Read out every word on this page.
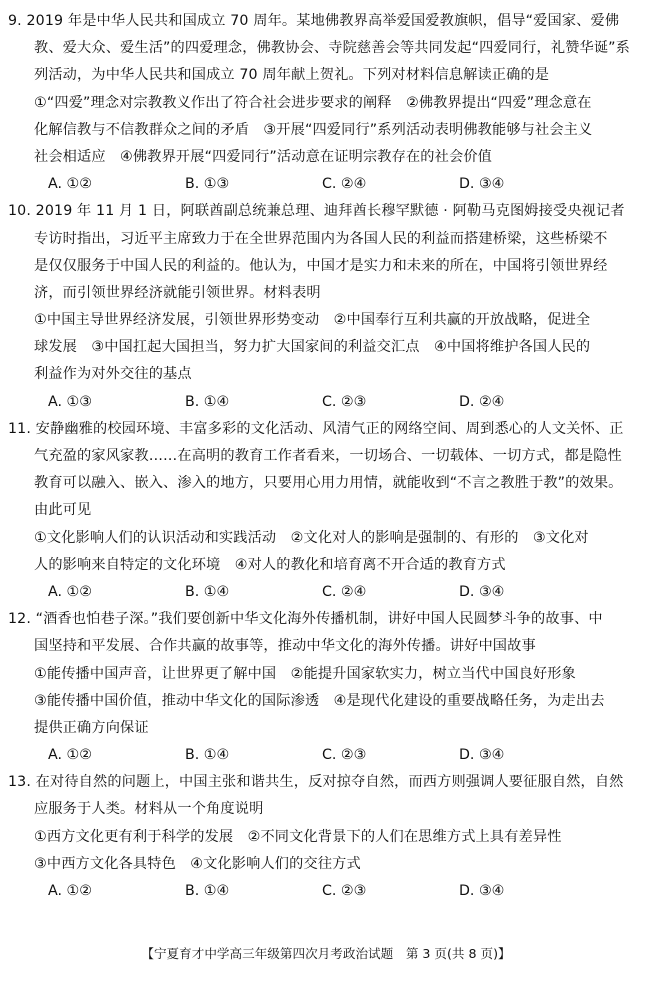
9. 2019 年是中华人民共和国成立 70 周年。某地佛教界高举爱国爱教旗帜，倡导“爱国家、爱佛
教、爱大众、爱生活”的四爱理念，佛教协会、寺院慈善会等共同发起“四爱同行，礼赞华诞”系
列活动，为中华人民共和国成立 70 周年献上贺礼。下列对材料信息解读正确的是
①“四爱”理念对宗教教义作出了符合社会进步要求的阐释　②佛教界提出“四爱”理念意在
化解信教与不信教群众之间的矛盾　③开展“四爱同行”系列活动表明佛教能够与社会主义
社会相适应　④佛教界开展“四爱同行”活动意在证明宗教存在的社会价值
A. ①②	B. ①③	C. ②④	D. ③④
10. 2019 年 11 月 1 日，阿联酋副总统兼总理、迪拜酋长穆罕默德 · 阿勒马克图姆接受央视记者
专访时指出，习近平主席致力于在全世界范围内为各国人民的利益而搭建桥梁，这些桥梁不
是仅仅服务于中国人民的利益的。他认为，中国才是实力和未来的所在，中国将引领世界经
济，而引领世界经济就能引领世界。材料表明
①中国主导世界经济发展，引领世界形势变动　②中国奉行互利共赢的开放战略，促进全
球发展　③中国扛起大国担当，努力扩大国家间的利益交汇点　④中国将维护各国人民的
利益作为对外交往的基点
A. ①③	B. ①④	C. ②③	D. ②④
11. 安静幽雅的校园环境、丰富多彩的文化活动、风清气正的网络空间、周到悉心的人文关怀、正
气充盈的家风家教……在高明的教育工作者看来，一切场合、一切载体、一切方式，都是隐性
教育可以融入、嵌入、渗入的地方，只要用心用力用情，就能收到“不言之教胜于教”的效果。
由此可见
①文化影响人们的认识活动和实践活动　②文化对人的影响是强制的、有形的　③文化对
人的影响来自特定的文化环境　④对人的教化和培育离不开合适的教育方式
A. ①②	B. ①④	C. ②④	D. ③④
12. “酒香也怕巷子深。”我们要创新中华文化海外传播机制，讲好中国人民圆梦斗争的故事、中
国坚持和平发展、合作共赢的故事等，推动中华文化的海外传播。讲好中国故事
①能传播中国声音，让世界更了解中国　②能提升国家软实力，树立当代中国良好形象
③能传播中国价值，推动中华文化的国际渗透　④是现代化建设的重要战略任务，为走出去
提供正确方向保证
A. ①②	B. ①④	C. ②③	D. ③④
13. 在对待自然的问题上，中国主张和谐共生，反对掠夺自然，而西方则强调人要征服自然，自然
应服务于人类。材料从一个角度说明
①西方文化更有利于科学的发展　②不同文化背景下的人们在思维方式上具有差异性
③中西方文化各具特色　④文化影响人们的交往方式
A. ①②	B. ①④	C. ②③	D. ③④
【宁夏育才中学高三年级第四次月考政治试题　第 3 页(共 8 页)】
